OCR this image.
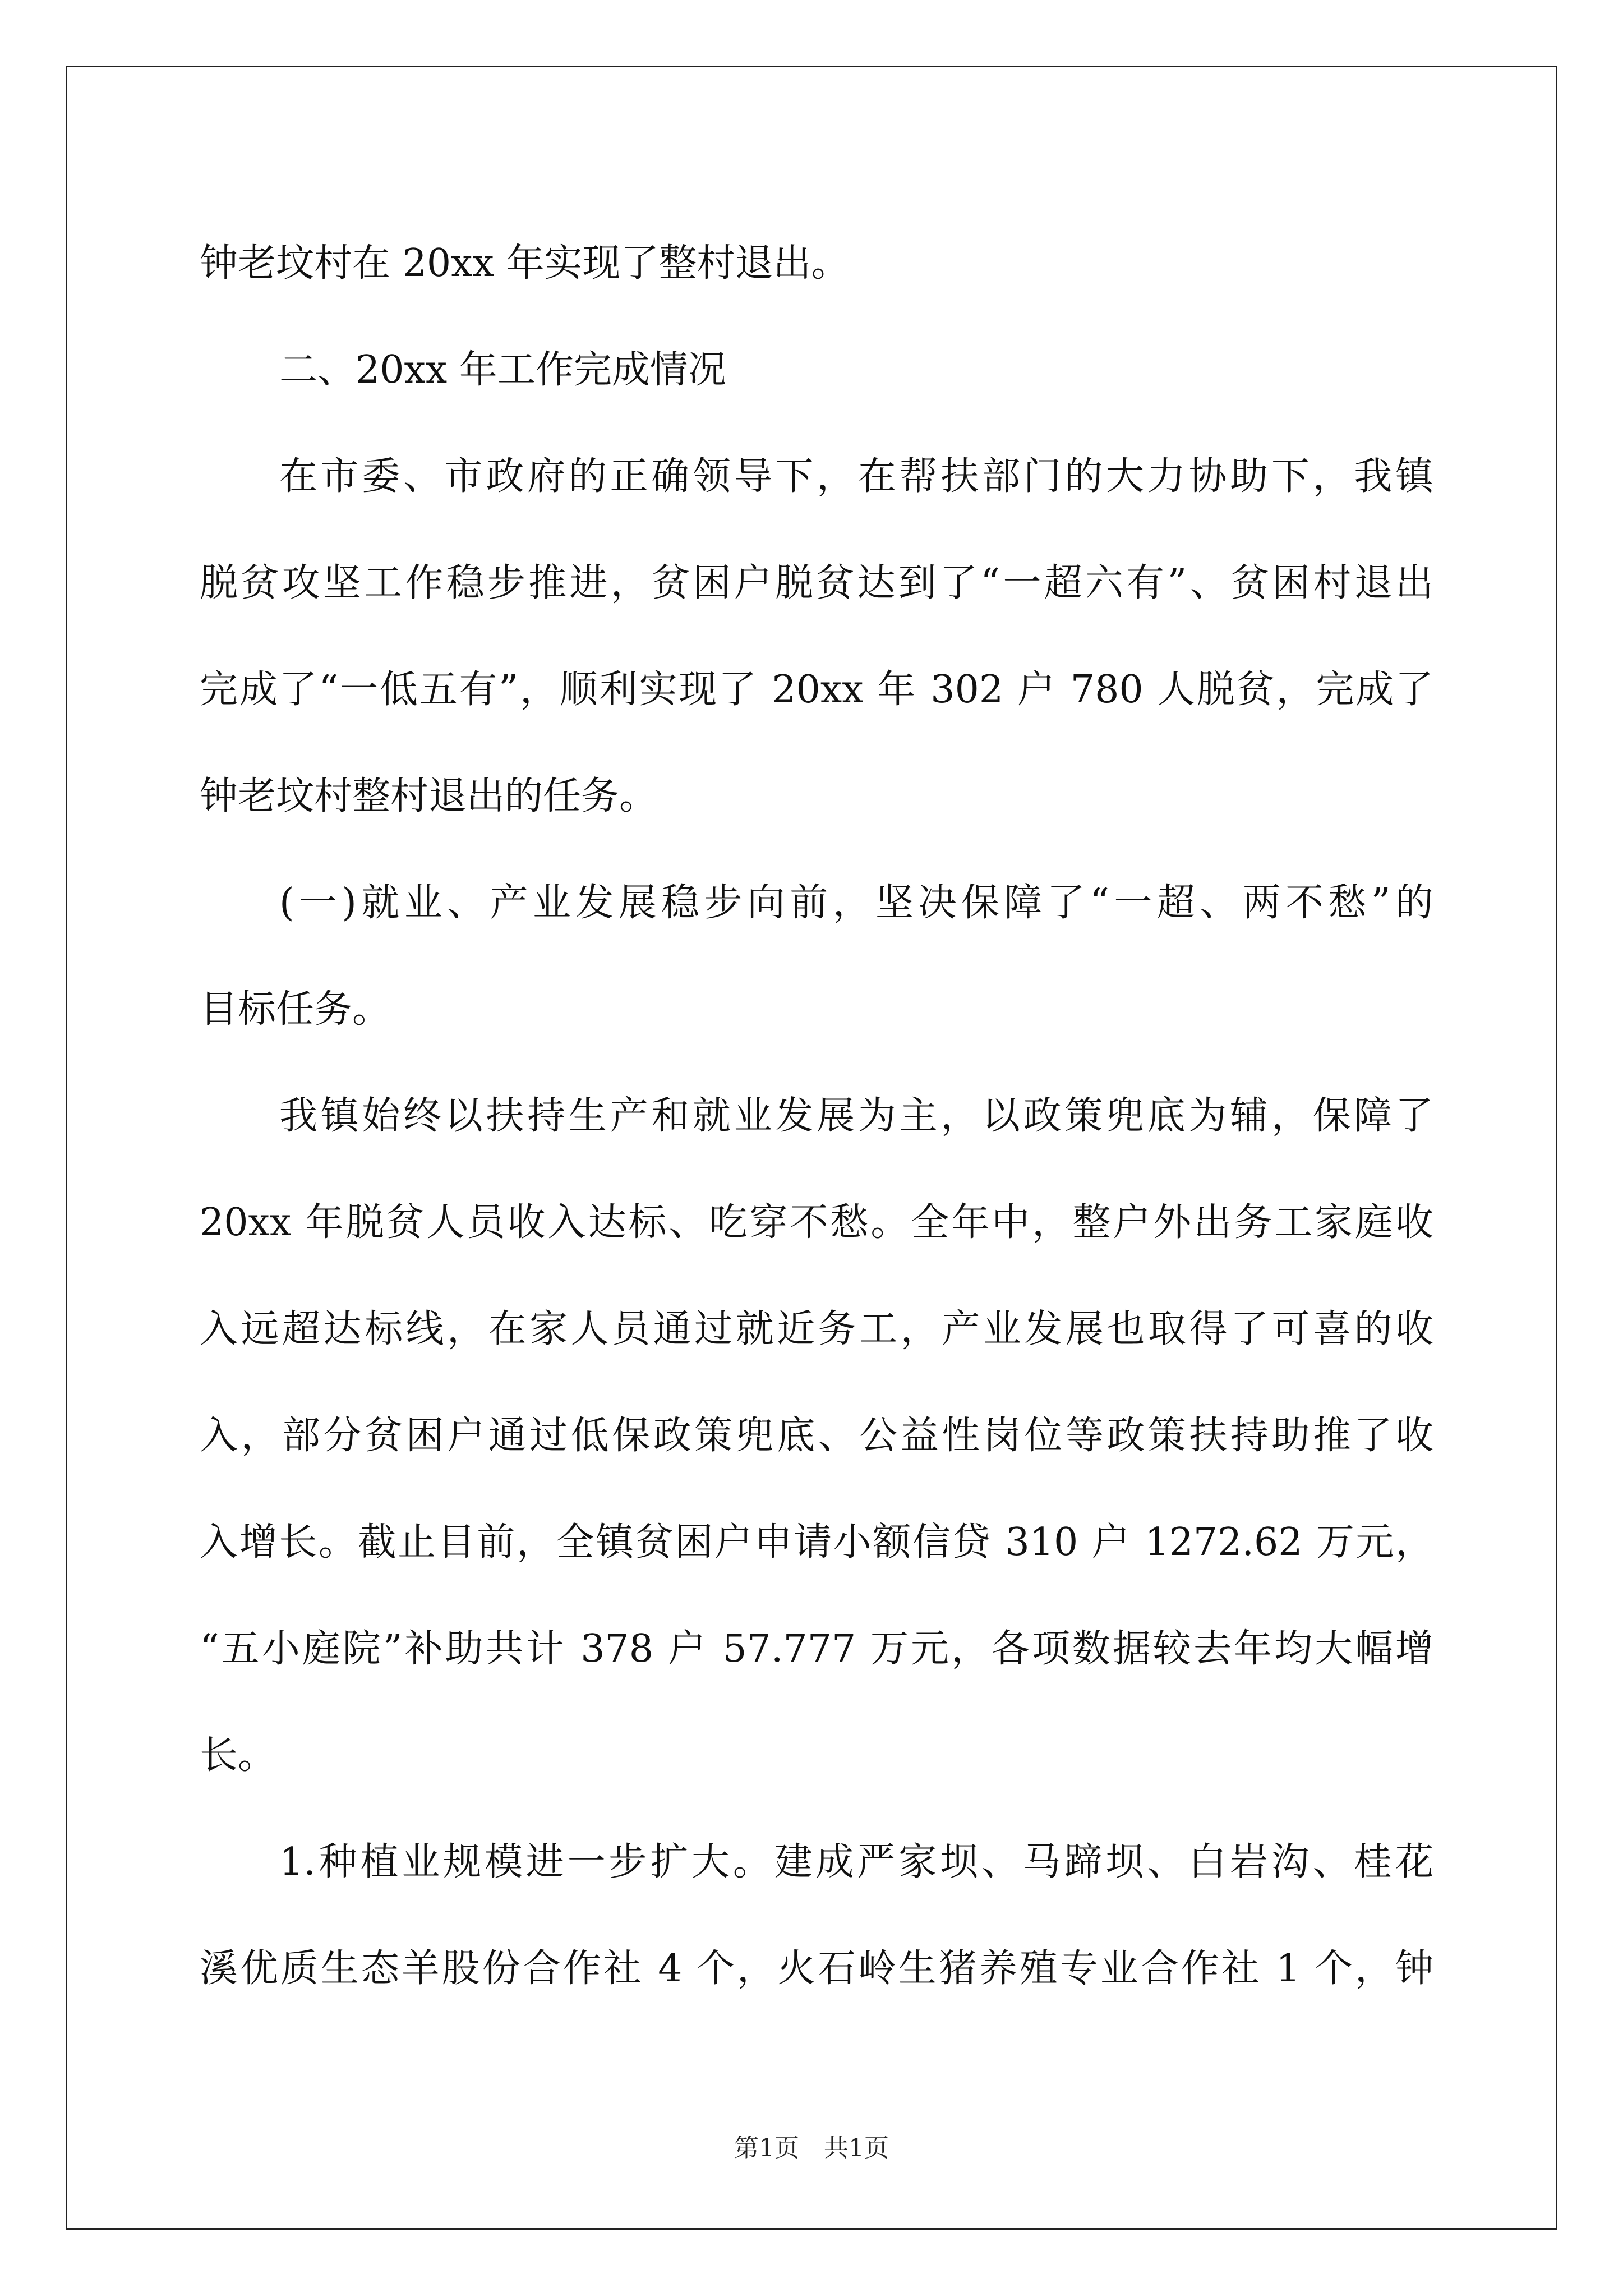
钟老坟村在 20xx 年实现了整村退出。
二、20xx 年工作完成情况
在市委、市政府的正确领导下，在帮扶部门的大力协助下，我镇
脱贫攻坚工作稳步推进，贫困户脱贫达到了“一超六有”、贫困村退出
完成了“一低五有”，顺利实现了 20xx 年 302 户 780 人脱贫，完成了
钟老坟村整村退出的任务。
(一)就业、产业发展稳步向前，坚决保障了“一超、两不愁”的
目标任务。
我镇始终以扶持生产和就业发展为主，以政策兜底为辅，保障了
20xx 年脱贫人员收入达标、吃穿不愁。全年中，整户外出务工家庭收
入远超达标线，在家人员通过就近务工，产业发展也取得了可喜的收
入，部分贫困户通过低保政策兜底、公益性岗位等政策扶持助推了收
入增长。截止目前，全镇贫困户申请小额信贷 310 户 1272.62 万元，
“五小庭院”补助共计 378 户 57.777 万元，各项数据较去年均大幅增
长。
1.种植业规模进一步扩大。建成严家坝、马蹄坝、白岩沟、桂花
溪优质生态羊股份合作社 4 个，火石岭生猪养殖专业合作社 1 个，钟
第1页 共1页
